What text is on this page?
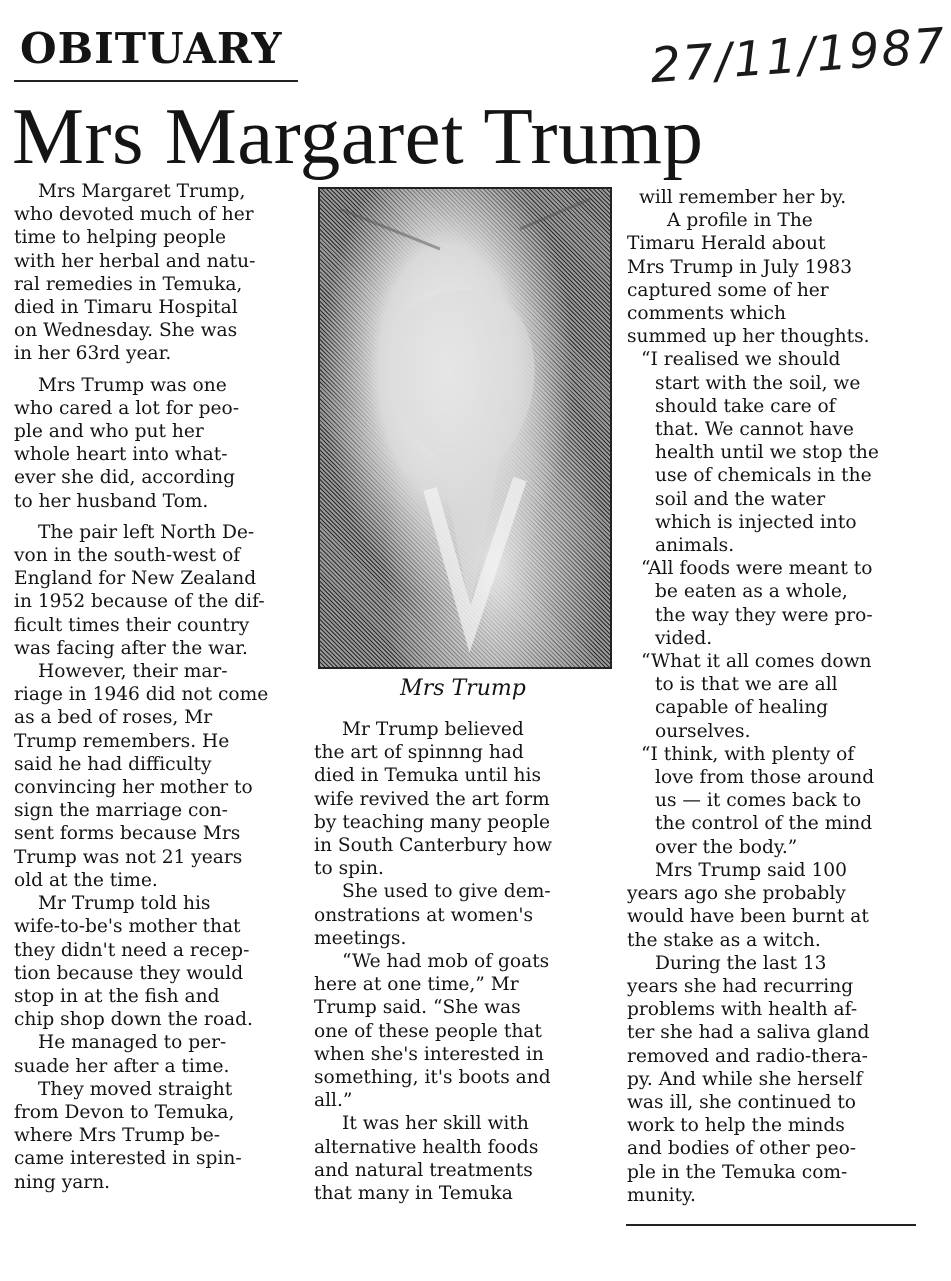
OBITUARY	27/11/1987
Mrs Margaret Trump

Mrs Margaret Trump,
who devoted much of her
time to helping people
with her herbal and natu-
ral remedies in Temuka,
died in Timaru Hospital
on Wednesday. She was
in her 63rd year.

Mrs Trump was one
who cared a lot for peo-
ple and who put her
whole heart into what-
ever she did, according
to her husband Tom.

The pair left North De-
von in the south-west of
England for New Zealand
in 1952 because of the dif-
ficult times their country
was facing after the war.

However, their mar-
riage in 1946 did not come
as a bed of roses, Mr
Trump remembers. He
said he had difficulty
convincing her mother to
sign the marriage con-
sent forms because Mrs
Trump was not 21 years
old at the time.

Mr Trump told his
wife-to-be's mother that
they didn't need a recep-
tion because they would
stop in at the fish and
chip shop down the road.

He managed to per-
suade her after a time.

They moved straight
from Devon to Temuka,
where Mrs Trump be-
came interested in spin-
ning yarn.

Mrs Trump

Mr Trump believed
the art of spinnng had
died in Temuka until his
wife revived the art form
by teaching many people
in South Canterbury how
to spin.

She used to give dem-
onstrations at women's
meetings.

“We had mob of goats
here at one time,” Mr
Trump said. “She was
one of these people that
when she's interested in
something, it's boots and
all.”

It was her skill with
alternative health foods
and natural treatments
that many in Temuka

will remember her by.

A profile in The
Timaru Herald about
Mrs Trump in July 1983
captured some of her
comments which
summed up her thoughts.

“I realised we should
start with the soil, we
should take care of
that. We cannot have
health until we stop the
use of chemicals in the
soil and the water
which is injected into
animals.

“All foods were meant to
be eaten as a whole,
the way they were pro-
vided.

“What it all comes down
to is that we are all
capable of healing
ourselves.

“I think, with plenty of
love from those around
us — it comes back to
the control of the mind
over the body.”

Mrs Trump said 100
years ago she probably
would have been burnt at
the stake as a witch.

During the last 13
years she had recurring
problems with health af-
ter she had a saliva gland
removed and radio-thera-
py. And while she herself
was ill, she continued to
work to help the minds
and bodies of other peo-
ple in the Temuka com-
munity.
